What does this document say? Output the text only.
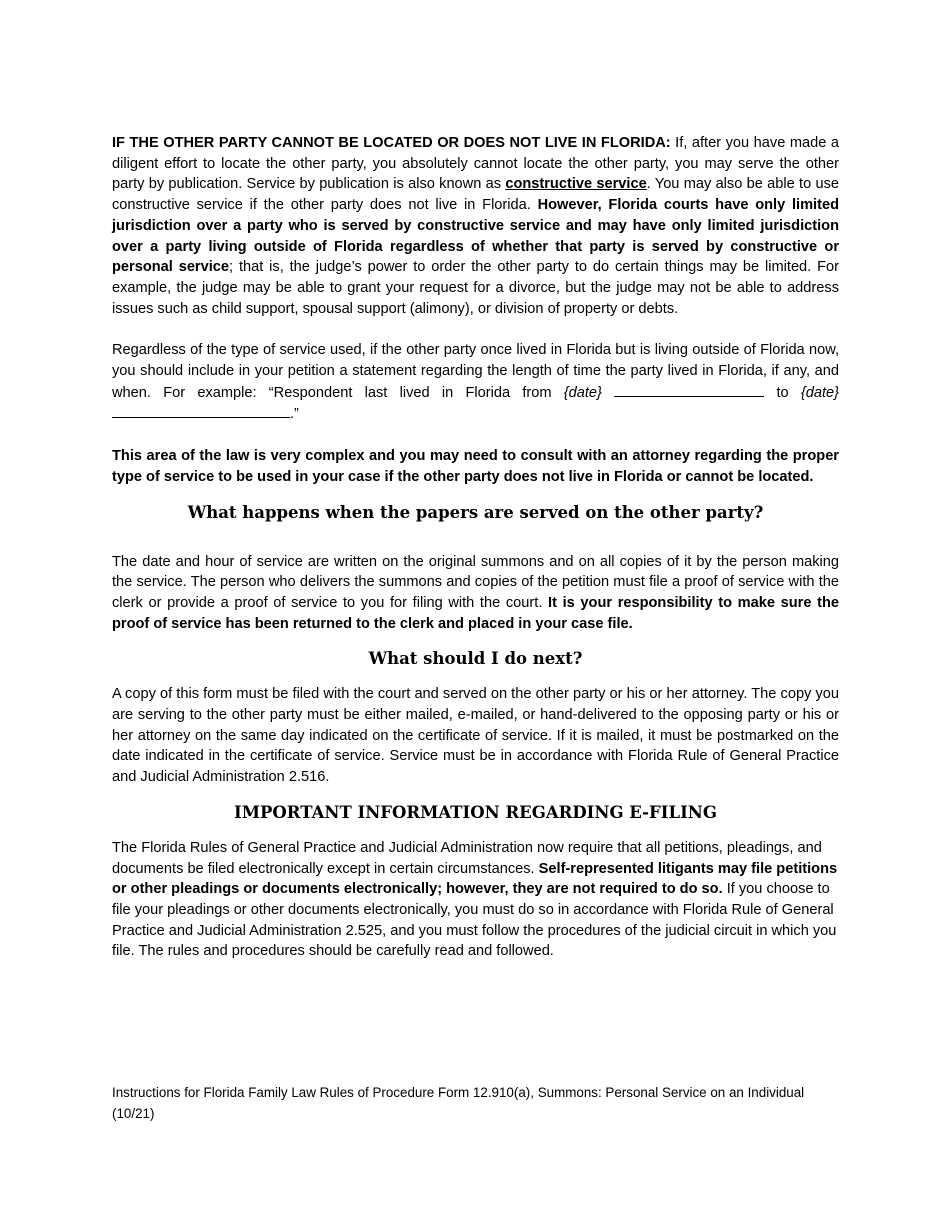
IF THE OTHER PARTY CANNOT BE LOCATED OR DOES NOT LIVE IN FLORIDA: If, after you have made a diligent effort to locate the other party, you absolutely cannot locate the other party, you may serve the other party by publication. Service by publication is also known as constructive service. You may also be able to use constructive service if the other party does not live in Florida. However, Florida courts have only limited jurisdiction over a party who is served by constructive service and may have only limited jurisdiction over a party living outside of Florida regardless of whether that party is served by constructive or personal service; that is, the judge’s power to order the other party to do certain things may be limited. For example, the judge may be able to grant your request for a divorce, but the judge may not be able to address issues such as child support, spousal support (alimony), or division of property or debts.

Regardless of the type of service used, if the other party once lived in Florida but is living outside of Florida now, you should include in your petition a statement regarding the length of time the party lived in Florida, if any, and when. For example: “Respondent last lived in Florida from {date}	to {date} .”

This area of the law is very complex and you may need to consult with an attorney regarding the proper type of service to be used in your case if the other party does not live in Florida or cannot be located.

What happens when the papers are served on the other party?

The date and hour of service are written on the original summons and on all copies of it by the person making the service. The person who delivers the summons and copies of the petition must file a proof of service with the clerk or provide a proof of service to you for filing with the court. It is your responsibility to make sure the proof of service has been returned to the clerk and placed in your case file.

What should I do next?

A copy of this form must be filed with the court and served on the other party or his or her attorney. The copy you are serving to the other party must be either mailed, e-mailed, or hand-delivered to the opposing party or his or her attorney on the same day indicated on the certificate of service. If it is mailed, it must be postmarked on the date indicated in the certificate of service. Service must be in accordance with Florida Rule of General Practice and Judicial Administration 2.516.

IMPORTANT INFORMATION REGARDING E-FILING

The Florida Rules of General Practice and Judicial Administration now require that all petitions, pleadings, and documents be filed electronically except in certain circumstances. Self-represented litigants may file petitions or other pleadings or documents electronically; however, they are not required to do so. If you choose to file your pleadings or other documents electronically, you must do so in accordance with Florida Rule of General Practice and Judicial Administration 2.525, and you must follow the procedures of the judicial circuit in which you file. The rules and procedures should be carefully read and followed.

Instructions for Florida Family Law Rules of Procedure Form 12.910(a), Summons: Personal Service on an Individual (10/21)
